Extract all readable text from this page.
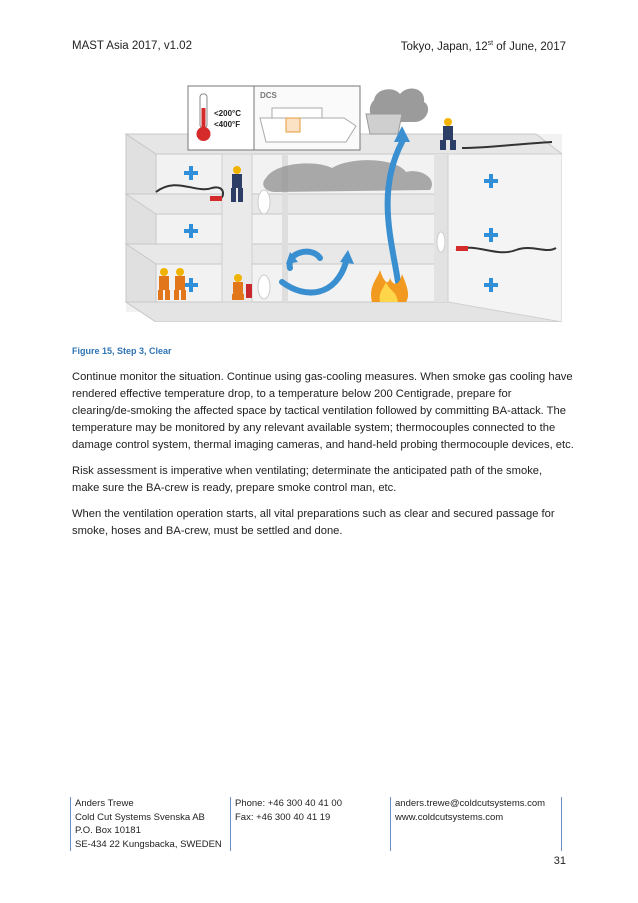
MAST Asia 2017, v1.02	Tokyo, Japan, 12st of June, 2017
<200°C
<400°F
DCS
Figure 15, Step 3, Clear

Continue monitor the situation. Continue using gas-cooling measures. When smoke gas cooling have
rendered effective temperature drop, to a temperature below 200 Centigrade, prepare for
clearing/de-smoking the affected space by tactical ventilation followed by committing BA-attack. The
temperature may be monitored by any relevant available system; thermocouples connected to the
damage control system, thermal imaging cameras, and hand-held probing thermocouple devices, etc.

Risk assessment is imperative when ventilating; determinate the anticipated path of the smoke,
make sure the BA-crew is ready, prepare smoke control man, etc.

When the ventilation operation starts, all vital preparations such as clear and secured passage for
smoke, hoses and BA-crew, must be settled and done.

Anders Trewe
Cold Cut Systems Svenska AB
P.O. Box 10181
SE-434 22 Kungsbacka, SWEDEN
Phone: +46 300 40 41 00
Fax: +46 300 40 41 19
anders.trewe@coldcutsystems.com
www.coldcutsystems.com
31
